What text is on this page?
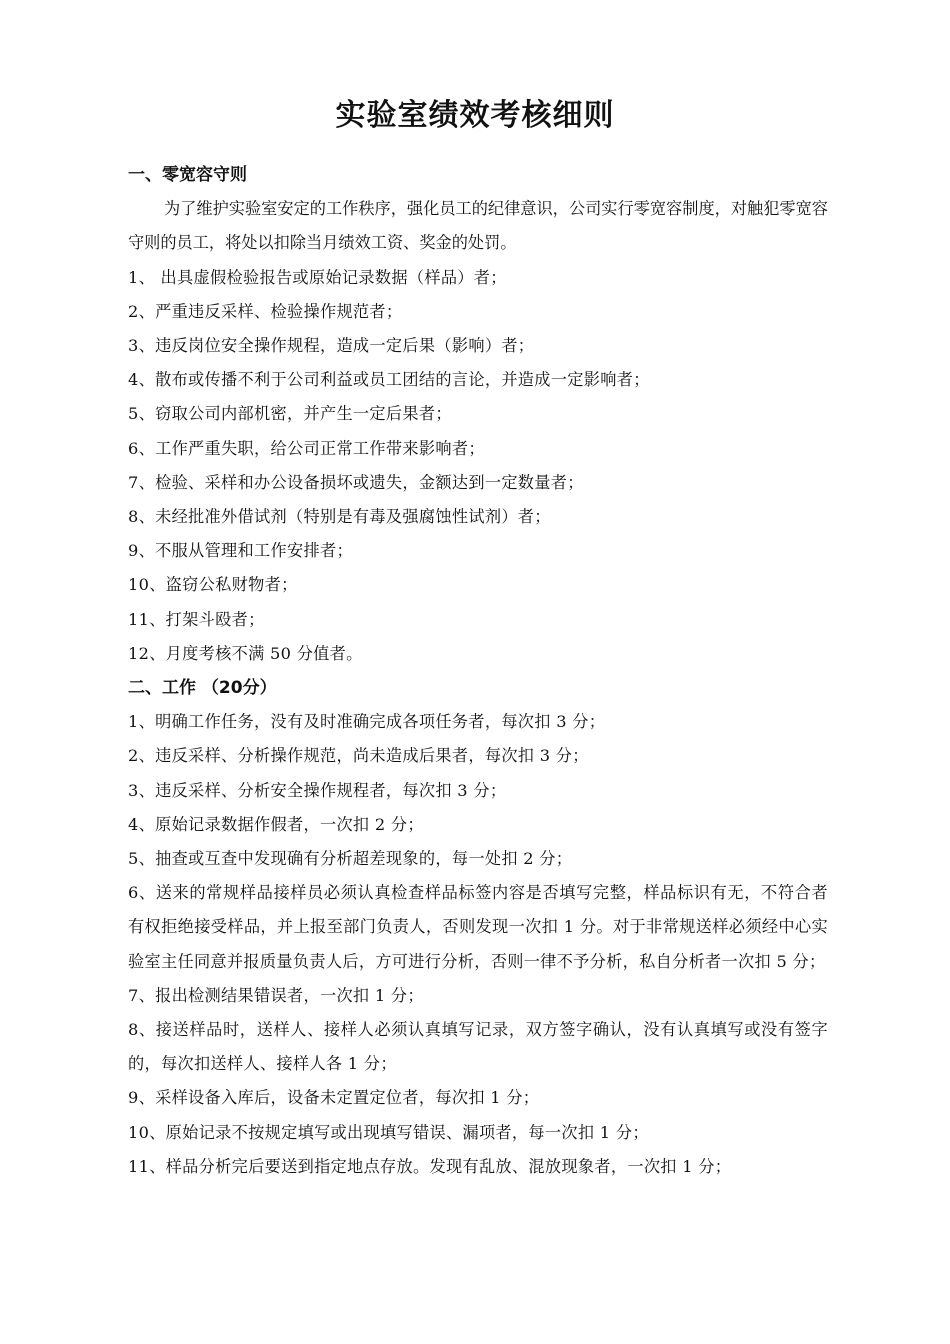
实验室绩效考核细则

一、零宽容守则

为了维护实验室安定的工作秩序，强化员工的纪律意识，公司实行零宽容制度，对触犯零宽容守则的员工，将处以扣除当月绩效工资、奖金的处罚。

1、 出具虚假检验报告或原始记录数据（样品）者；

2、严重违反采样、检验操作规范者；

3、违反岗位安全操作规程，造成一定后果（影响）者；

4、散布或传播不利于公司利益或员工团结的言论，并造成一定影响者；

5、窃取公司内部机密，并产生一定后果者；

6、工作严重失职，给公司正常工作带来影响者；

7、检验、采样和办公设备损坏或遗失，金额达到一定数量者；

8、未经批准外借试剂（特别是有毒及强腐蚀性试剂）者；

9、不服从管理和工作安排者；

10、盗窃公私财物者；

11、打架斗殴者；

12、月度考核不满 50 分值者。

二、工作 （20分）

1、明确工作任务，没有及时准确完成各项任务者，每次扣 3 分；

2、违反采样、分析操作规范，尚未造成后果者，每次扣 3 分；

3、违反采样、分析安全操作规程者，每次扣 3 分；

4、原始记录数据作假者，一次扣 2 分；

5、抽查或互查中发现确有分析超差现象的，每一处扣 2 分；

6、送来的常规样品接样员必须认真检查样品标签内容是否填写完整，样品标识有无，不符合者有权拒绝接受样品，并上报至部门负责人，否则发现一次扣 1 分。对于非常规送样必须经中心实验室主任同意并报质量负责人后，方可进行分析，否则一律不予分析，私自分析者一次扣 5 分；

7、报出检测结果错误者，一次扣 1 分；

8、接送样品时，送样人、接样人必须认真填写记录，双方签字确认，没有认真填写或没有签字的，每次扣送样人、接样人各 1 分；

9、采样设备入库后，设备未定置定位者，每次扣 1 分；

10、原始记录不按规定填写或出现填写错误、漏项者，每一次扣 1 分；

11、样品分析完后要送到指定地点存放。发现有乱放、混放现象者，一次扣 1 分；
